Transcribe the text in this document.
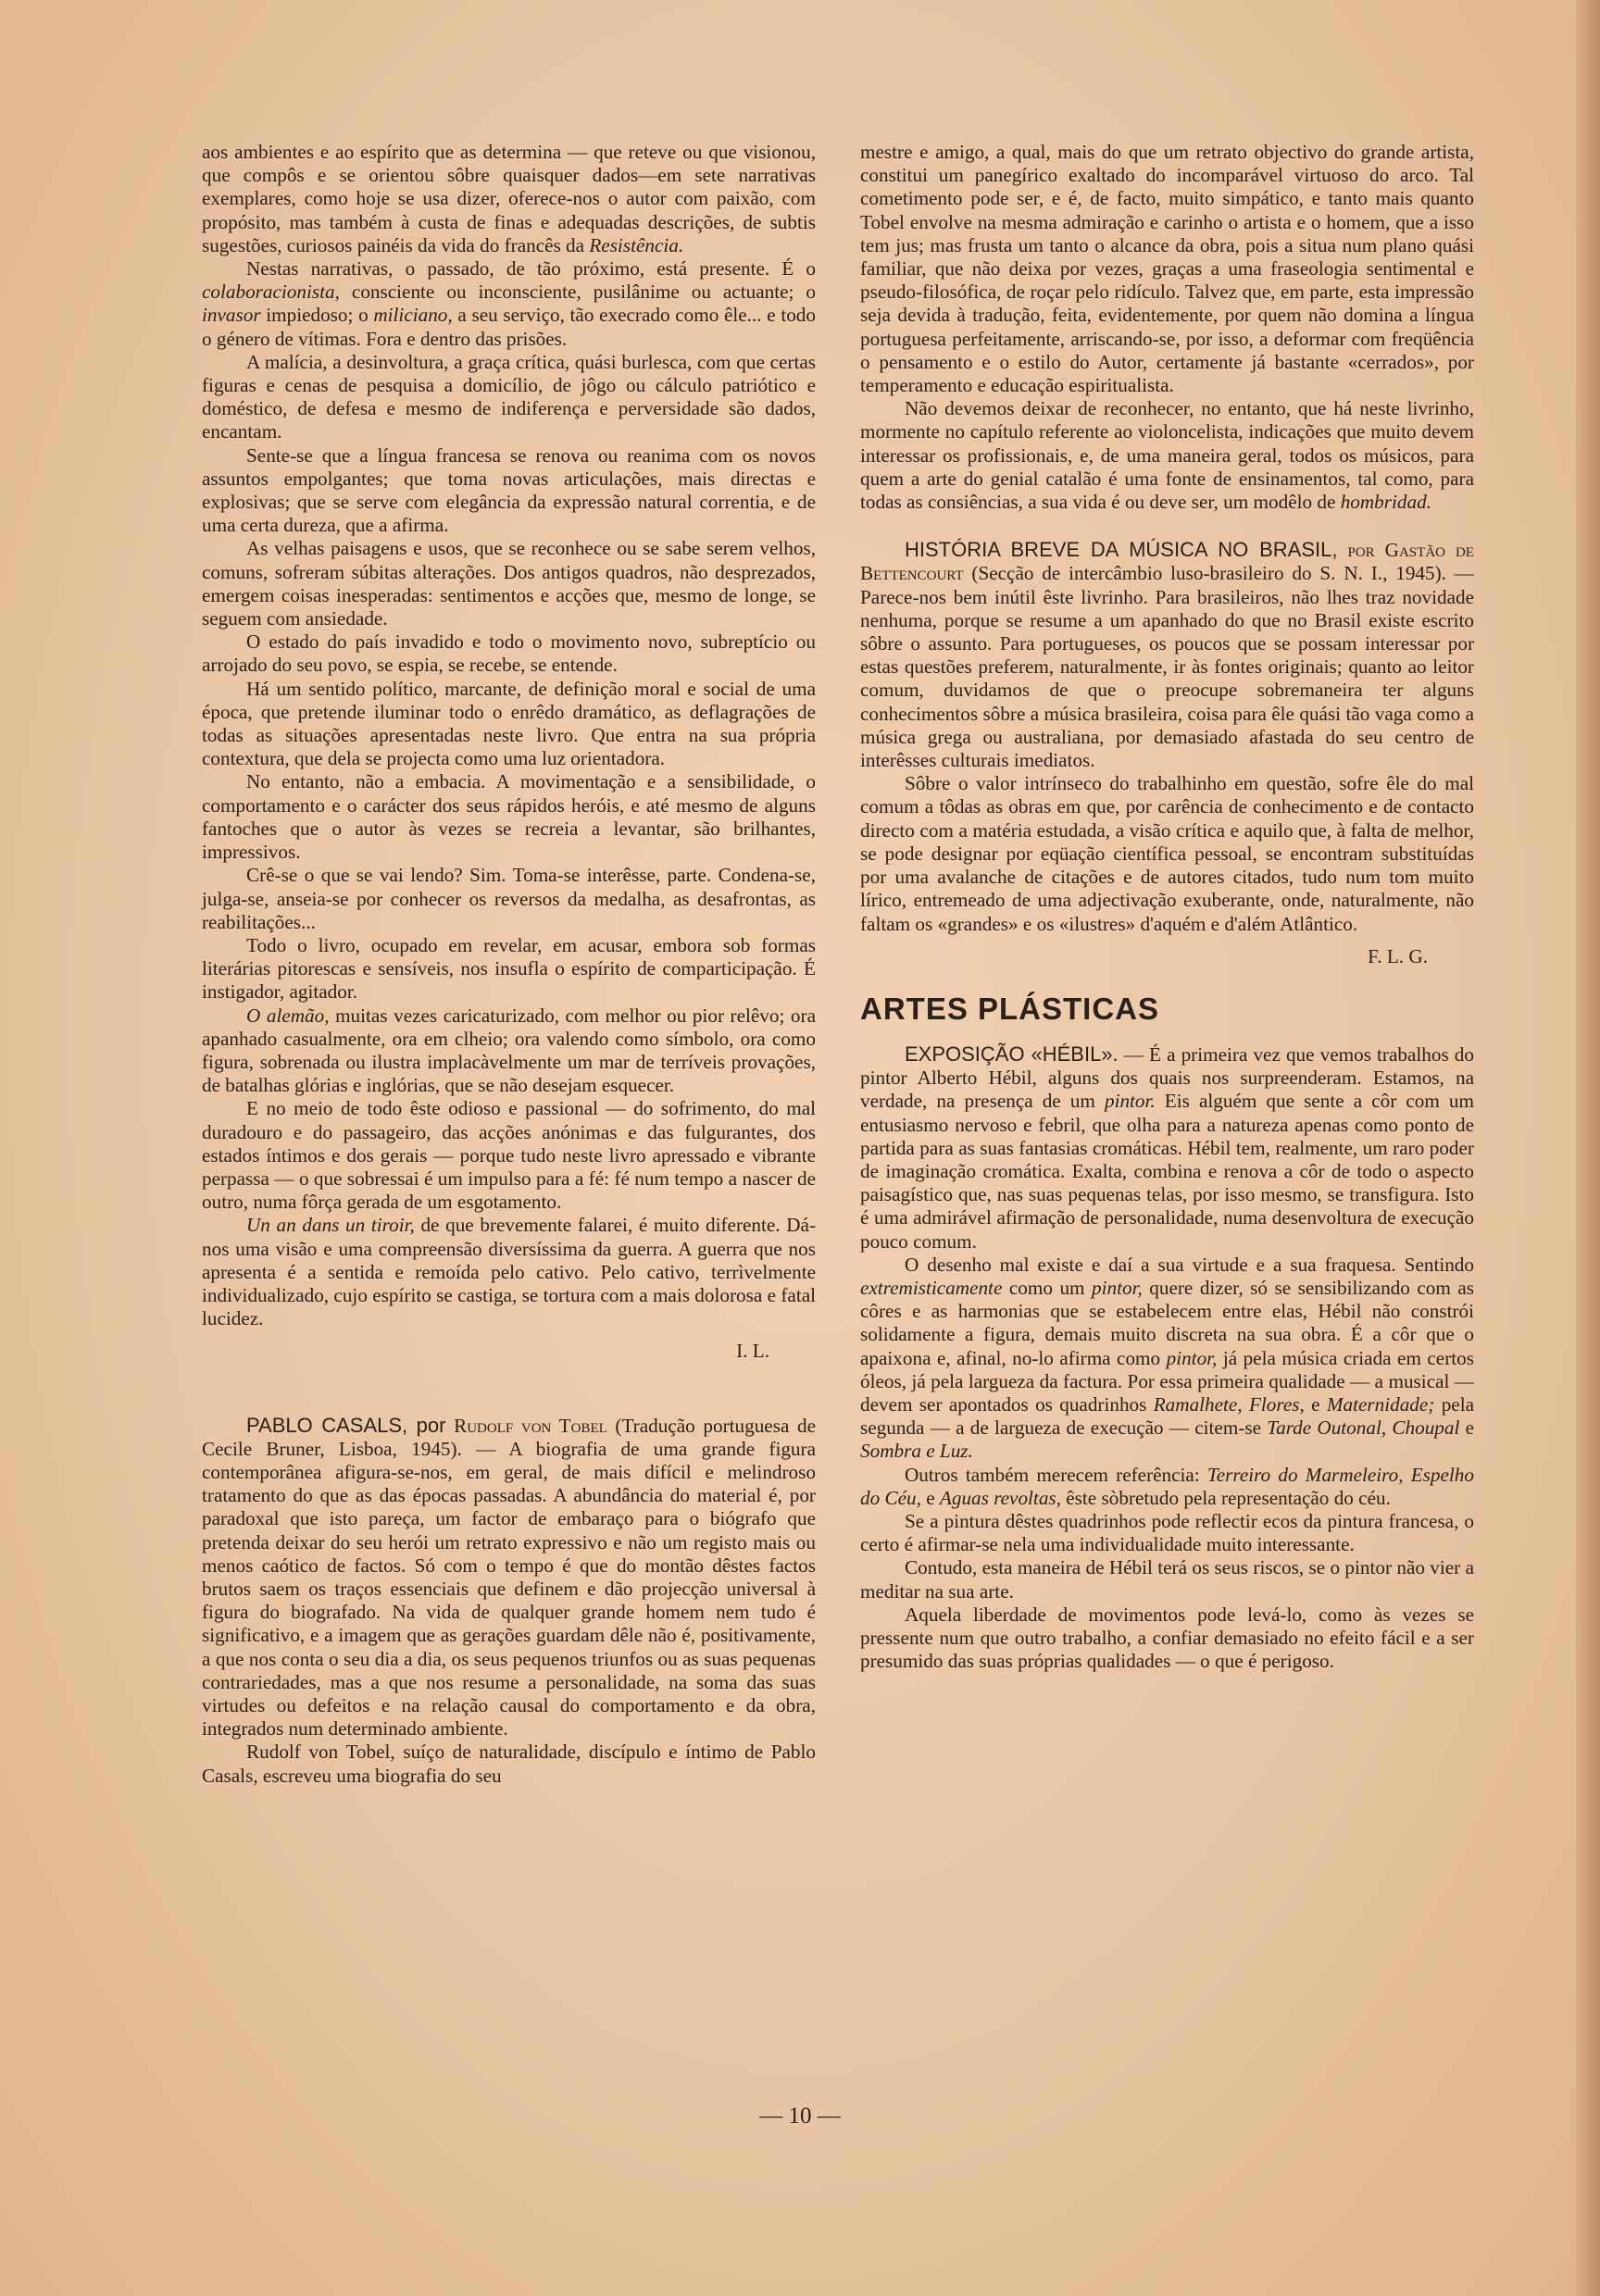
aos ambientes e ao espírito que as determina — que reteve ou que visionou, que compôs e se orientou sôbre quaisquer dados—em sete narrativas exemplares, como hoje se usa dizer, oferece-nos o autor com paixão, com propósito, mas também à custa de finas e adequadas descrições, de subtis sugestões, curiosos painéis da vida do francês da Resistência.

Nestas narrativas, o passado, de tão próximo, está presente. É o colaboracionista, consciente ou inconsciente, pusilânime ou actuante; o invasor impiedoso; o miliciano, a seu serviço, tão execrado como êle... e todo o género de vítimas. Fora e dentro das prisões.

A malícia, a desinvoltura, a graça crítica, quási burlesca, com que certas figuras e cenas de pesquisa a domicílio, de jôgo ou cálculo patriótico e doméstico, de defesa e mesmo de indiferença e perversidade são dados, encantam.

Sente-se que a língua francesa se renova ou reanima com os novos assuntos empolgantes; que toma novas articulações, mais directas e explosivas; que se serve com elegância da expressão natural correntia, e de uma certa dureza, que a afirma.

As velhas paisagens e usos, que se reconhece ou se sabe serem velhos, comuns, sofreram súbitas alterações. Dos antigos quadros, não desprezados, emergem coisas inesperadas: sentimentos e acções que, mesmo de longe, se seguem com ansiedade.

O estado do país invadido e todo o movimento novo, subreptício ou arrojado do seu povo, se espia, se recebe, se entende.

Há um sentido político, marcante, de definição moral e social de uma época, que pretende iluminar todo o enrêdo dramático, as deflagrações de todas as situações apresentadas neste livro. Que entra na sua própria contextura, que dela se projecta como uma luz orientadora.

No entanto, não a embacia. A movimentação e a sensibilidade, o comportamento e o carácter dos seus rápidos heróis, e até mesmo de alguns fantoches que o autor às vezes se recreia a levantar, são brilhantes, impressivos.

Crê-se o que se vai lendo? Sim. Toma-se interêsse, parte. Condena-se, julga-se, anseia-se por conhecer os reversos da medalha, as desafrontas, as reabilitações...

Todo o livro, ocupado em revelar, em acusar, embora sob formas literárias pitorescas e sensíveis, nos insufla o espírito de comparticipação. É instigador, agitador.

O alemão, muitas vezes caricaturizado, com melhor ou pior relêvo; ora apanhado casualmente, ora em clheio; ora valendo como símbolo, ora como figura, sobrenada ou ilustra implacàvelmente um mar de terríveis provações, de batalhas glórias e inglórias, que se não desejam esquecer.

E no meio de todo êste odioso e passional — do sofrimento, do mal duradouro e do passageiro, das acções anónimas e das fulgurantes, dos estados íntimos e dos gerais — porque tudo neste livro apressado e vibrante perpassa — o que sobressai é um impulso para a fé: fé num tempo a nascer de outro, numa fôrça gerada de um esgotamento.

Un an dans un tiroir, de que brevemente falarei, é muito diferente. Dá-nos uma visão e uma compreensão diversíssima da guerra. A guerra que nos apresenta é a sentida e remoída pelo cativo. Pelo cativo, terrìvelmente individualizado, cujo espírito se castiga, se tortura com a mais dolorosa e fatal lucidez.

I. L.

PABLO CASALS, por Rudolf von Tobel (Tradução portuguesa de Cecile Bruner, Lisboa, 1945). — A biografia de uma grande figura contemporânea afigura-se-nos, em geral, de mais difícil e melindroso tratamento do que as das épocas passadas. A abundância do material é, por paradoxal que isto pareça, um factor de embaraço para o biógrafo que pretenda deixar do seu herói um retrato expressivo e não um registo mais ou menos caótico de factos. Só com o tempo é que do montão dêstes factos brutos saem os traços essenciais que definem e dão projecção universal à figura do biografado. Na vida de qualquer grande homem nem tudo é significativo, e a imagem que as gerações guardam dêle não é, positivamente, a que nos conta o seu dia a dia, os seus pequenos triunfos ou as suas pequenas contrariedades, mas a que nos resume a personalidade, na soma das suas virtudes ou defeitos e na relação causal do comportamento e da obra, integrados num determinado ambiente.

Rudolf von Tobel, suíço de naturalidade, discípulo e íntimo de Pablo Casals, escreveu uma biografia do seu

mestre e amigo, a qual, mais do que um retrato objectivo do grande artista, constitui um panegírico exaltado do incomparável virtuoso do arco. Tal cometimento pode ser, e é, de facto, muito simpático, e tanto mais quanto Tobel envolve na mesma admiração e carinho o artista e o homem, que a isso tem jus; mas frusta um tanto o alcance da obra, pois a situa num plano quási familiar, que não deixa por vezes, graças a uma fraseologia sentimental e pseudo-filosófica, de roçar pelo ridículo. Talvez que, em parte, esta impressão seja devida à tradução, feita, evidentemente, por quem não domina a língua portuguesa perfeitamente, arriscando-se, por isso, a deformar com freqüência o pensamento e o estilo do Autor, certamente já bastante «cerrados», por temperamento e educação espiritualista.

Não devemos deixar de reconhecer, no entanto, que há neste livrinho, mormente no capítulo referente ao violoncelista, indicações que muito devem interessar os profissionais, e, de uma maneira geral, todos os músicos, para quem a arte do genial catalão é uma fonte de ensinamentos, tal como, para todas as consiências, a sua vida é ou deve ser, um modêlo de hombridad.

HISTÓRIA BREVE DA MÚSICA NO BRASIL, por Gastão de Bettencourt (Secção de intercâmbio luso-brasileiro do S. N. I., 1945). — Parece-nos bem inútil êste livrinho. Para brasileiros, não lhes traz novidade nenhuma, porque se resume a um apanhado do que no Brasil existe escrito sôbre o assunto. Para portugueses, os poucos que se possam interessar por estas questões preferem, naturalmente, ir às fontes originais; quanto ao leitor comum, duvidamos de que o preocupe sobremaneira ter alguns conhecimentos sôbre a música brasileira, coisa para êle quási tão vaga como a música grega ou australiana, por demasiado afastada do seu centro de interêsses culturais imediatos.

Sôbre o valor intrínseco do trabalhinho em questão, sofre êle do mal comum a tôdas as obras em que, por carência de conhecimento e de contacto directo com a matéria estudada, a visão crítica e aquilo que, à falta de melhor, se pode designar por eqüação científica pessoal, se encontram substituídas por uma avalanche de citações e de autores citados, tudo num tom muito lírico, entremeado de uma adjectivação exuberante, onde, naturalmente, não faltam os «grandes» e os «ilustres» d'aquém e d'além Atlântico.

F. L. G.

ARTES PLÁSTICAS

EXPOSIÇÃO «HÉBIL». — É a primeira vez que vemos trabalhos do pintor Alberto Hébil, alguns dos quais nos surpreenderam. Estamos, na verdade, na presença de um pintor. Eis alguém que sente a côr com um entusiasmo nervoso e febril, que olha para a natureza apenas como ponto de partida para as suas fantasias cromáticas. Hébil tem, realmente, um raro poder de imaginação cromática. Exalta, combina e renova a côr de todo o aspecto paisagístico que, nas suas pequenas telas, por isso mesmo, se transfigura. Isto é uma admirável afirmação de personalidade, numa desenvoltura de execução pouco comum.

O desenho mal existe e daí a sua virtude e a sua fraquesa. Sentindo extremisticamente como um pintor, quere dizer, só se sensibilizando com as côres e as harmonias que se estabelecem entre elas, Hébil não constrói solidamente a figura, demais muito discreta na sua obra. É a côr que o apaixona e, afinal, no-lo afirma como pintor, já pela música criada em certos óleos, já pela largueza da factura. Por essa primeira qualidade — a musical — devem ser apontados os quadrinhos Ramalhete, Flores, e Maternidade; pela segunda — a de largueza de execução — citem-se Tarde Outonal, Choupal e Sombra e Luz.

Outros também merecem referência: Terreiro do Marmeleiro, Espelho do Céu, e Aguas revoltas, êste sòbretudo pela representação do céu.

Se a pintura dêstes quadrinhos pode reflectir ecos da pintura francesa, o certo é afirmar-se nela uma individualidade muito interessante.

Contudo, esta maneira de Hébil terá os seus riscos, se o pintor não vier a meditar na sua arte.

Aquela liberdade de movimentos pode levá-lo, como às vezes se pressente num que outro trabalho, a confiar demasiado no efeito fácil e a ser presumido das suas próprias qualidades — o que é perigoso.

— 10 —
